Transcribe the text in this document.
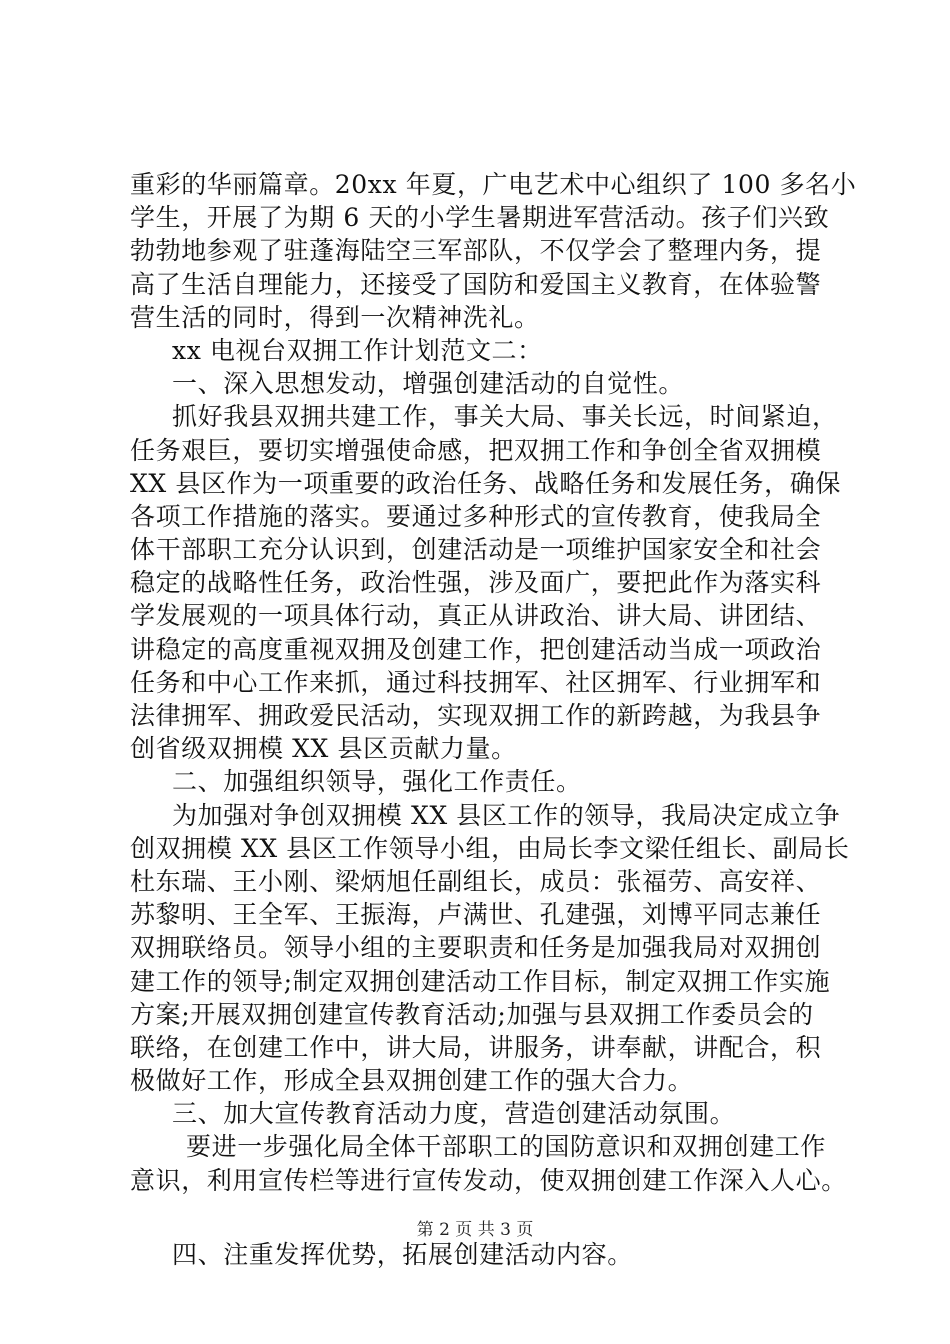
重彩的华丽篇章。20xx 年夏，广电艺术中心组织了 100 多名小
学生，开展了为期 6 天的小学生暑期进军营活动。孩子们兴致
勃勃地参观了驻蓬海陆空三军部队，不仅学会了整理内务，提
高了生活自理能力，还接受了国防和爱国主义教育，在体验警
营生活的同时，得到一次精神洗礼。
xx 电视台双拥工作计划范文二：
一、深入思想发动，增强创建活动的自觉性。
抓好我县双拥共建工作，事关大局、事关长远，时间紧迫，
任务艰巨，要切实增强使命感，把双拥工作和争创全省双拥模
XX 县区作为一项重要的政治任务、战略任务和发展任务，确保
各项工作措施的落实。要通过多种形式的宣传教育，使我局全
体干部职工充分认识到，创建活动是一项维护国家安全和社会
稳定的战略性任务，政治性强，涉及面广，要把此作为落实科
学发展观的一项具体行动，真正从讲政治、讲大局、讲团结、
讲稳定的高度重视双拥及创建工作，把创建活动当成一项政治
任务和中心工作来抓，通过科技拥军、社区拥军、行业拥军和
法律拥军、拥政爱民活动，实现双拥工作的新跨越，为我县争
创省级双拥模 XX 县区贡献力量。
二、加强组织领导，强化工作责任。
为加强对争创双拥模 XX 县区工作的领导，我局决定成立争
创双拥模 XX 县区工作领导小组，由局长李文梁任组长、副局长
杜东瑞、王小刚、梁炳旭任副组长，成员：张福劳、高安祥、
苏黎明、王全军、王振海，卢满世、孔建强，刘博平同志兼任
双拥联络员。领导小组的主要职责和任务是加强我局对双拥创
建工作的领导;制定双拥创建活动工作目标，制定双拥工作实施
方案;开展双拥创建宣传教育活动;加强与县双拥工作委员会的
联络，在创建工作中，讲大局，讲服务，讲奉献，讲配合，积
极做好工作，形成全县双拥创建工作的强大合力。
三、加大宣传教育活动力度，营造创建活动氛围。
要进一步强化局全体干部职工的国防意识和双拥创建工作
意识，利用宣传栏等进行宣传发动，使双拥创建工作深入人心。
四、注重发挥优势，拓展创建活动内容。
第 2 页 共 3 页
